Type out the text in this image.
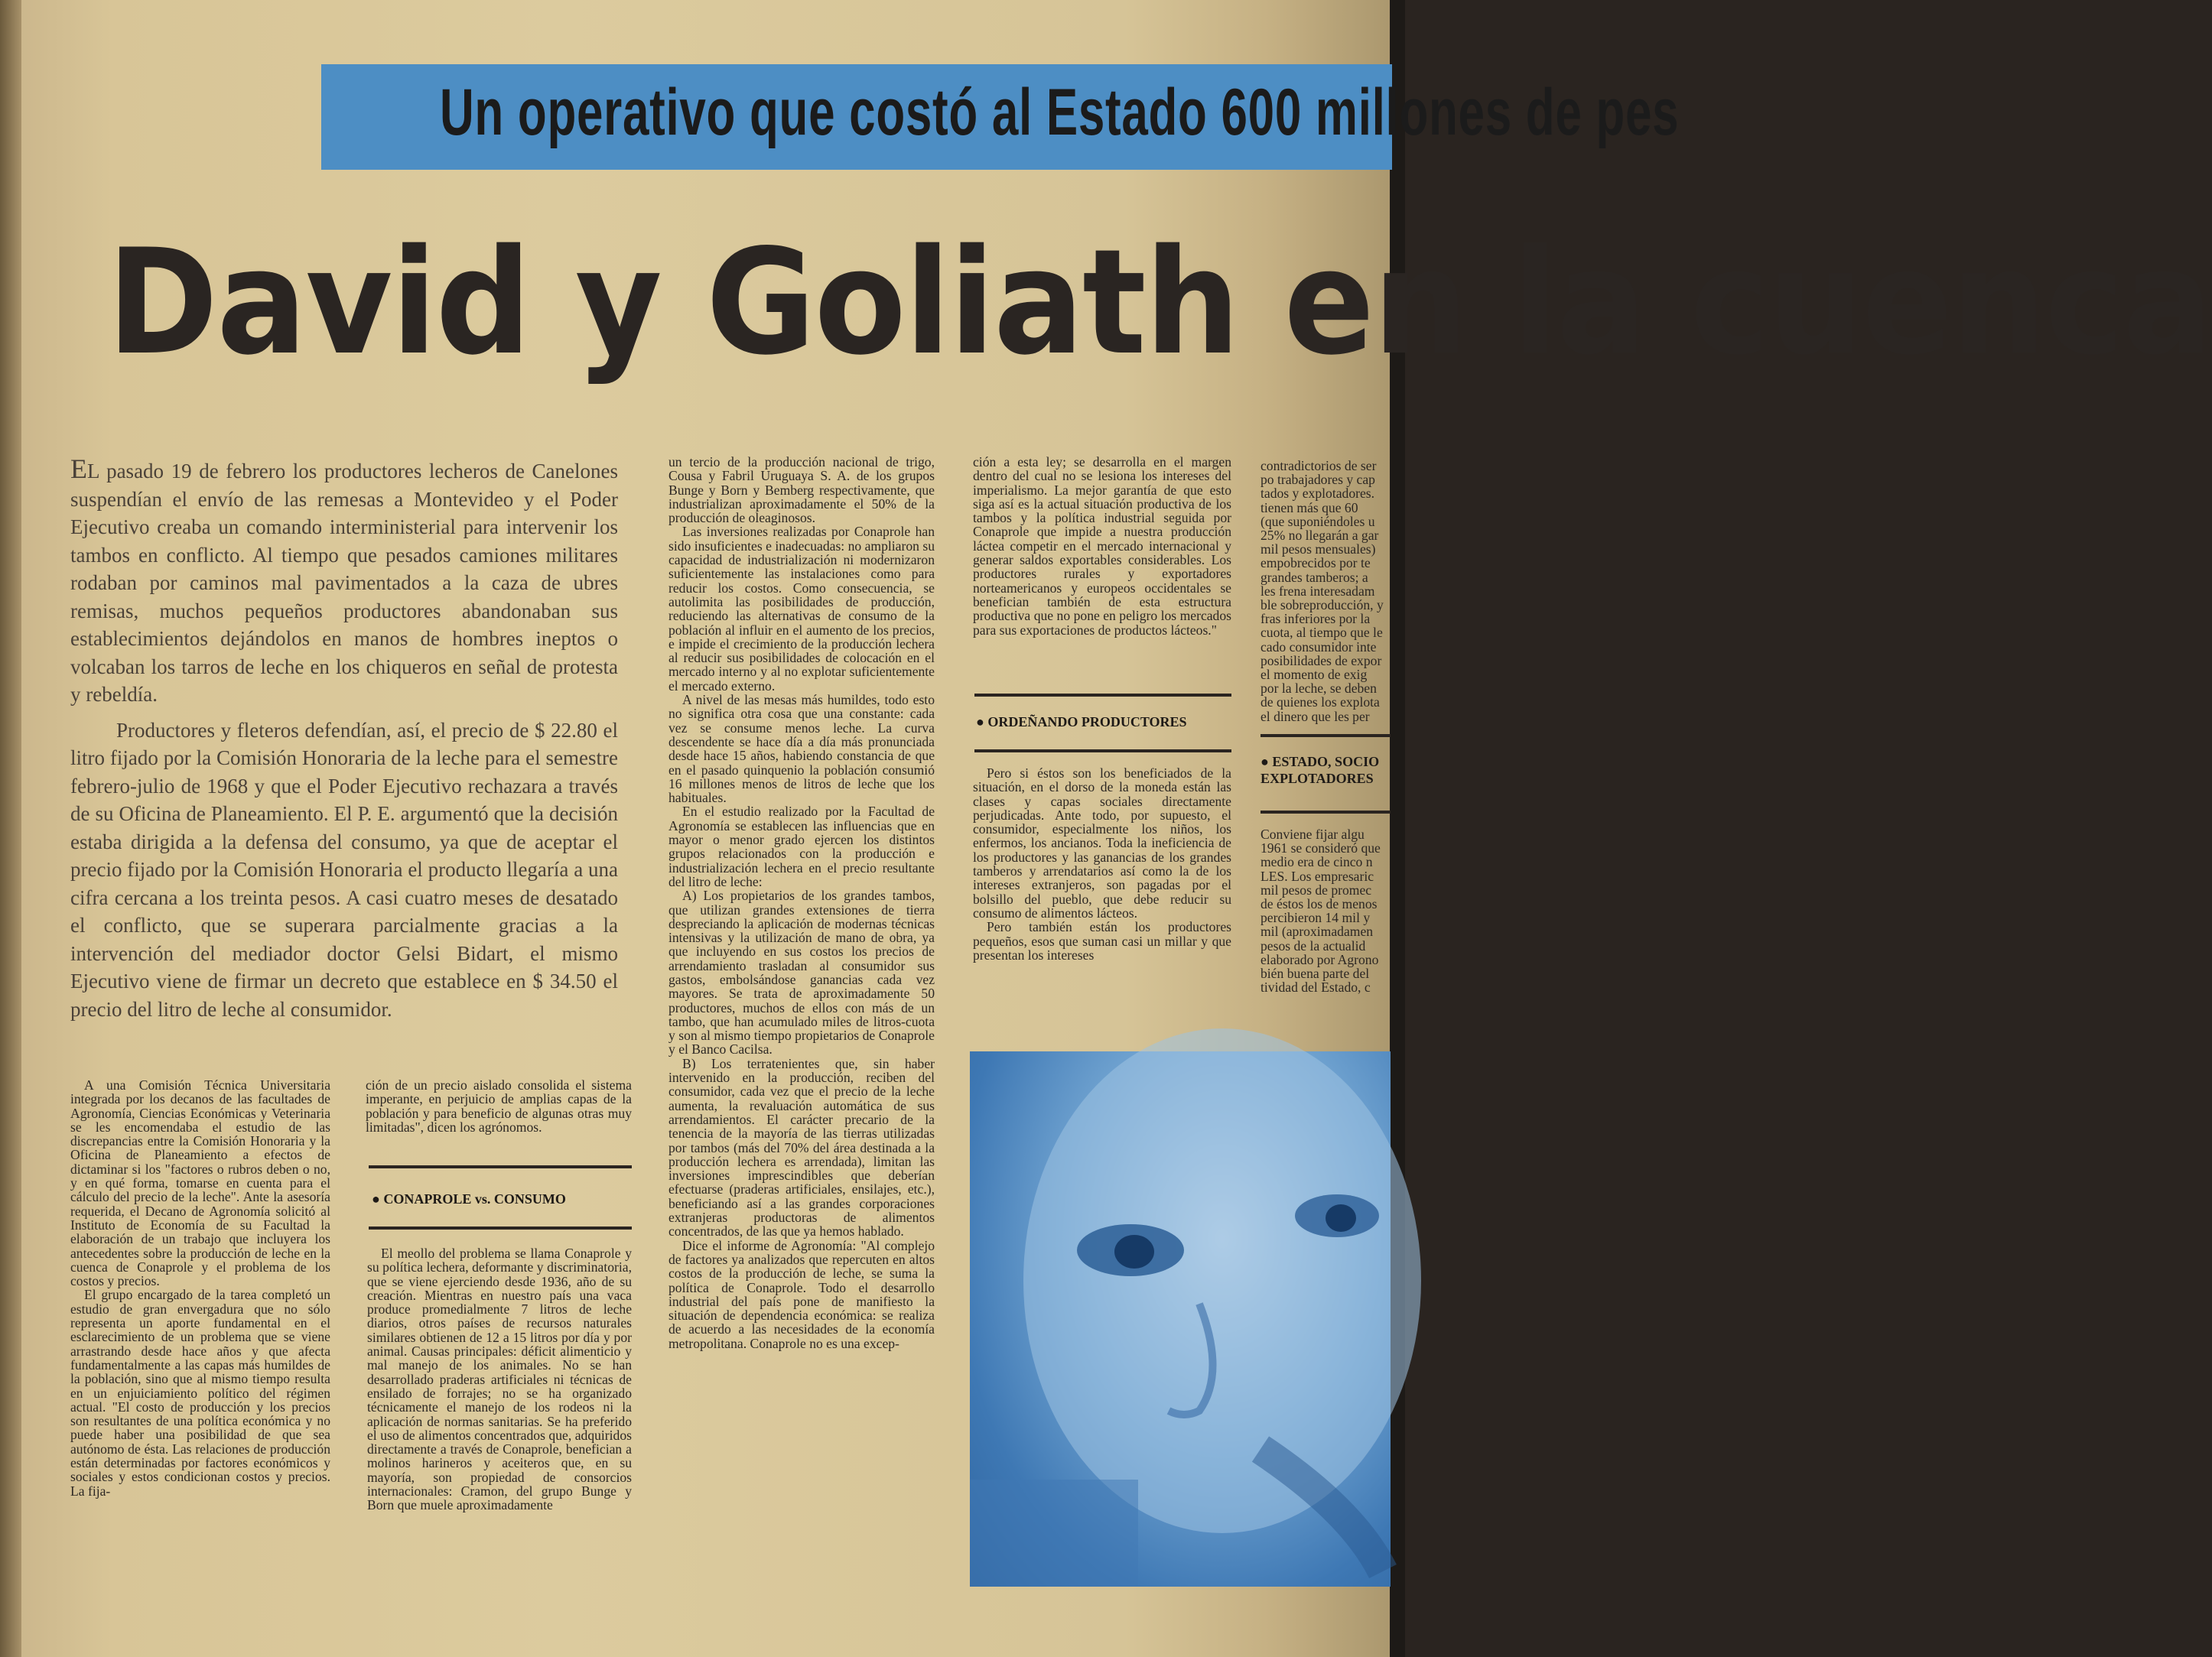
Un operativo que costó al Estado 600 millones de pes
David y Goliath en la cuenca

EL pasado 19 de febrero los productores lecheros de Canelones suspendían el envío de las remesas a Montevideo y el Poder Ejecutivo creaba un comando interministerial para intervenir los tambos en conflicto. Al tiempo que pesados camiones militares rodaban por caminos mal pavimentados a la caza de ubres remisas, muchos pequeños productores abandonaban sus establecimientos dejándolos en manos de hombres ineptos o volcaban los tarros de leche en los chiqueros en señal de protesta y rebeldía.

Productores y fleteros defendían, así, el precio de $ 22.80 el litro fijado por la Comisión Honoraria de la leche para el semestre febrero-julio de 1968 y que el Poder Ejecutivo rechazara a través de su Oficina de Planeamiento. El P. E. argumentó que la decisión estaba dirigida a la defensa del consumo, ya que de aceptar el precio fijado por la Comisión Honoraria el producto llegaría a una cifra cercana a los treinta pesos. A casi cuatro meses de desatado el conflicto, que se superara parcialmente gracias a la intervención del mediador doctor Gelsi Bidart, el mismo Ejecutivo viene de firmar un decreto que establece en $ 34.50 el precio del litro de leche al consumidor.

A una Comisión Técnica Universitaria integrada por los decanos de las facultades de Agronomía, Ciencias Económicas y Veterinaria se les encomendaba el estudio de las discrepancias entre la Comisión Honoraria y la Oficina de Planeamiento a efectos de dictaminar si los "factores o rubros deben o no, y en qué forma, tomarse en cuenta para el cálculo del precio de la leche". Ante la asesoría requerida, el Decano de Agronomía solicitó al Instituto de Economía de su Facultad la elaboración de un trabajo que incluyera los antecedentes sobre la producción de leche en la cuenca de Conaprole y el problema de los costos y precios.

El grupo encargado de la tarea completó un estudio de gran envergadura que no sólo representa un aporte fundamental en el esclarecimiento de un problema que se viene arrastrando desde hace años y que afecta fundamentalmente a las capas más humildes de la población, sino que al mismo tiempo resulta en un enjuiciamiento político del régimen actual. "El costo de producción y los precios son resultantes de una política económica y no puede haber una posibilidad de que sea autónomo de ésta. Las relaciones de producción están determinadas por factores económicos y sociales y estos condicionan costos y precios. La fija-

ción de un precio aislado consolida el sistema imperante, en perjuicio de amplias capas de la población y para beneficio de algunas otras muy limitadas", dicen los agrónomos.

● CONAPROLE vs. CONSUMO

El meollo del problema se llama Conaprole y su política lechera, deformante y discriminatoria, que se viene ejerciendo desde 1936, año de su creación. Mientras en nuestro país una vaca produce promedialmente 7 litros de leche diarios, otros países de recursos naturales similares obtienen de 12 a 15 litros por día y por animal. Causas principales: déficit alimenticio y mal manejo de los animales. No se han desarrollado praderas artificiales ni técnicas de ensilado de forrajes; no se ha organizado técnicamente el manejo de los rodeos ni la aplicación de normas sanitarias. Se ha preferido el uso de alimentos concentrados que, adquiridos directamente a través de Conaprole, benefician a molinos harineros y aceiteros que, en su mayoría, son propiedad de consorcios internacionales: Cramon, del grupo Bunge y Born que muele aproximadamente

un tercio de la producción nacional de trigo, Cousa y Fabril Uruguaya S. A. de los grupos Bunge y Born y Bemberg respectivamente, que industrializan aproximadamente el 50% de la producción de oleaginosos.

Las inversiones realizadas por Conaprole han sido insuficientes e inadecuadas: no ampliaron su capacidad de industrialización ni modernizaron suficientemente las instalaciones como para reducir los costos. Como consecuencia, se autolimita las posibilidades de producción, reduciendo las alternativas de consumo de la población al influir en el aumento de los precios, e impide el crecimiento de la producción lechera al reducir sus posibilidades de colocación en el mercado interno y al no explotar suficientemente el mercado externo.

A nivel de las mesas más humildes, todo esto no significa otra cosa que una constante: cada vez se consume menos leche. La curva descendente se hace día a día más pronunciada desde hace 15 años, habiendo constancia de que en el pasado quinquenio la población consumió 16 millones menos de litros de leche que los habituales.

En el estudio realizado por la Facultad de Agronomía se establecen las influencias que en mayor o menor grado ejercen los distintos grupos relacionados con la producción e industrialización lechera en el precio resultante del litro de leche:

A) Los propietarios de los grandes tambos, que utilizan grandes extensiones de tierra despreciando la aplicación de modernas técnicas intensivas y la utilización de mano de obra, ya que incluyendo en sus costos los precios de arrendamiento trasladan al consumidor sus gastos, embolsándose ganancias cada vez mayores. Se trata de aproximadamente 50 productores, muchos de ellos con más de un tambo, que han acumulado miles de litros-cuota y son al mismo tiempo propietarios de Conaprole y el Banco Cacilsa.

B) Los terratenientes que, sin haber intervenido en la producción, reciben del consumidor, cada vez que el precio de la leche aumenta, la revaluación automática de sus arrendamientos. El carácter precario de la tenencia de la mayoría de las tierras utilizadas por tambos (más del 70% del área destinada a la producción lechera es arrendada), limitan las inversiones imprescindibles que deberían efectuarse (praderas artificiales, ensilajes, etc.), beneficiando así a las grandes corporaciones extranjeras productoras de alimentos concentrados, de las que ya hemos hablado.

Dice el informe de Agronomía: "Al complejo de factores ya analizados que repercuten en altos costos de la producción de leche, se suma la política de Conaprole. Todo el desarrollo industrial del país pone de manifiesto la situación de dependencia económica: se realiza de acuerdo a las necesidades de la economía metropolitana. Conaprole no es una excep-

ción a esta ley; se desarrolla en el margen dentro del cual no se lesiona los intereses del imperialismo. La mejor garantía de que esto siga así es la actual situación productiva de los tambos y la política industrial seguida por Conaprole que impide a nuestra producción láctea competir en el mercado internacional y generar saldos exportables considerables. Los productores rurales y exportadores norteamericanos y europeos occidentales se benefician también de esta estructura productiva que no pone en peligro los mercados para sus exportaciones de productos lácteos."

● ORDEÑANDO PRODUCTORES

Pero si éstos son los beneficiados de la situación, en el dorso de la moneda están las clases y capas sociales directamente perjudicadas. Ante todo, por supuesto, el consumidor, especialmente los niños, los enfermos, los ancianos. Toda la ineficiencia de los productores y las ganancias de los grandes tamberos y arrendatarios así como la de los intereses extranjeros, son pagadas por el bolsillo del pueblo, que debe reducir su consumo de alimentos lácteos.

Pero también están los productores pequeños, esos que suman casi un millar y que presentan los intereses

contradictorios de ser
po trabajadores y cap
tados y explotadores.
tienen más que 60
(que suponiéndoles u
25% no llegarán a gar
mil pesos mensuales)
empobrecidos por te
grandes tamberos; a
les frena interesadam
ble sobreproducción, y
fras inferiores por la
cuota, al tiempo que le
cado consumidor inte
posibilidades de expor
el momento de exig
por la leche, se deben
de quienes los explota
el dinero que les per
● ESTADO, SOCIO EXPLOTADORES
Conviene fijar algu
1961 se consideró que
medio era de cinco n
LES. Los empresaric
mil pesos de promec
de éstos los de menos
percibieron 14 mil y
mil (aproximadamen
pesos de la actualid
elaborado por Agrono
bién buena parte del
tividad del Estado, c
